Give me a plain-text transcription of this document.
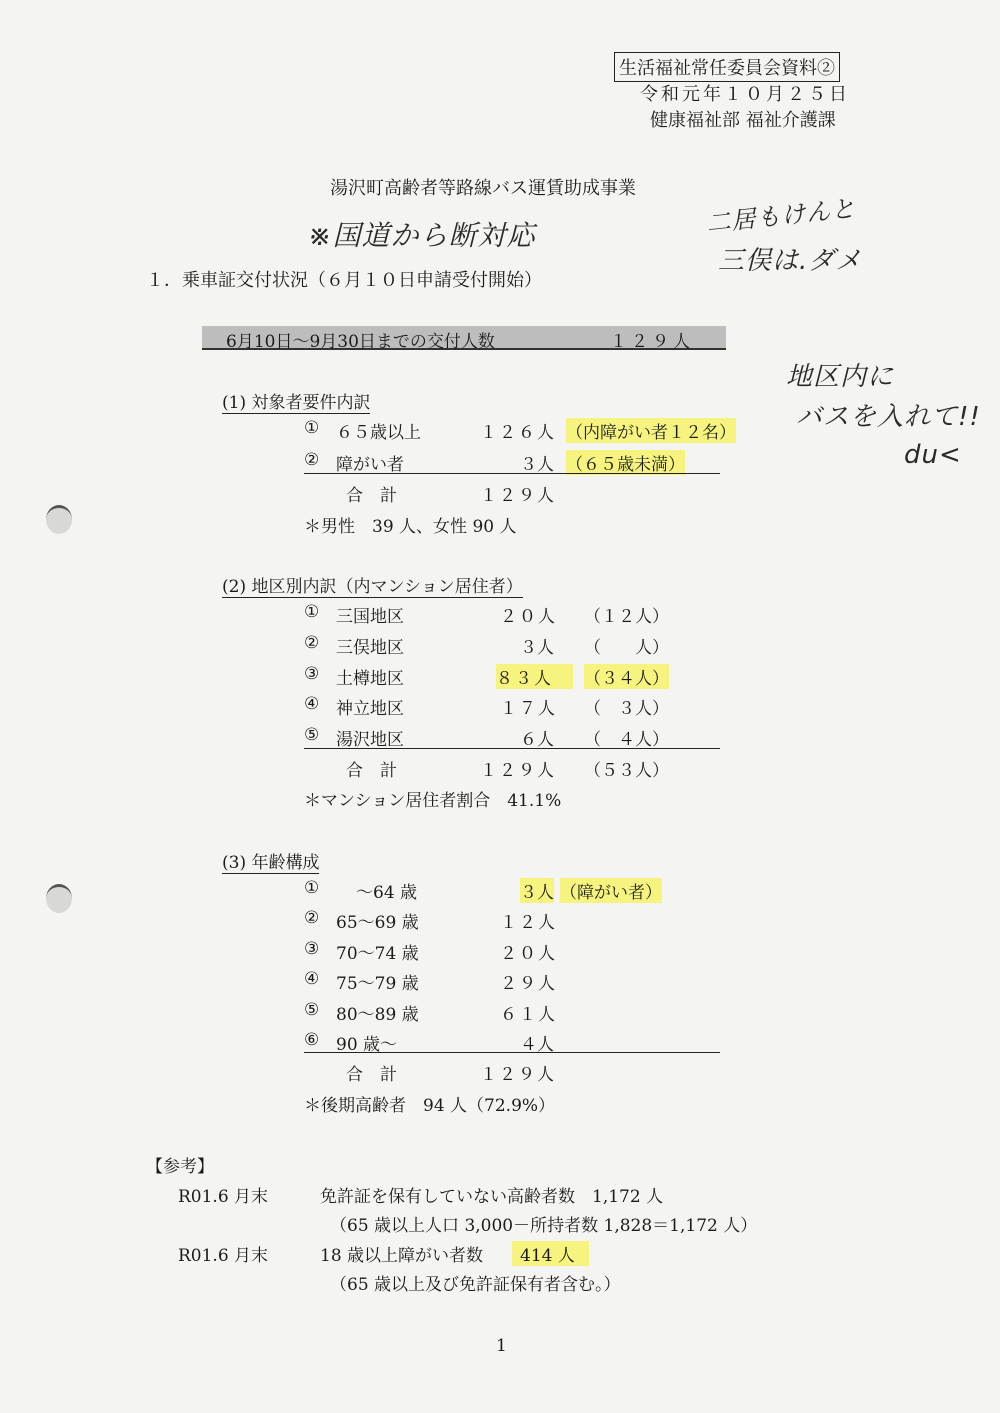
生活福祉常任委員会資料②
令和元年１０月２５日
健康福祉部 福祉介護課
湯沢町高齢者等路線バス運賃助成事業
※国道から断対応	二居もけんと
三俣は.ダメ
地区内に
バスを入れて!!
du<
１．乗車証交付状況（６月１０日申請受付開始）
6月10日～9月30日までの交付人数	１２９人
(1) 対象者要件内訳
① ６５歳以上	１２６人 （内障がい者１２名）
② 障がい者	３人 （６５歳未満）
合　計	１２９人
＊男性　39 人、女性 90 人
(2) 地区別内訳（内マンション居住者）
① 三国地区	２０人 （１２人）
② 三俣地区	３人 （　　人）
③ 土樽地区	８３人	（３４人）
④ 神立地区	１７人 （　３人）
⑤ 湯沢地区	６人 （　４人）
合　計	１２９人 （５３人）
＊マンション居住者割合　41.1%
(3) 年齢構成
① ～64 歳	３人 （障がい者）
② 65～69 歳	１２人
③ 70～74 歳	２０人
④ 75～79 歳	２９人
⑤ 80～89 歳	６１人
⑥ 90 歳～	４人
合　計	１２９人
＊後期高齢者　94 人（72.9%）
【参考】
R01.6 月末	免許証を保有していない高齢者数　1,172 人
（65 歳以上人口 3,000－所持者数 1,828＝1,172 人）
R01.6 月末	18 歳以上障がい者数	414 人
（65 歳以上及び免許証保有者含む。）
1
